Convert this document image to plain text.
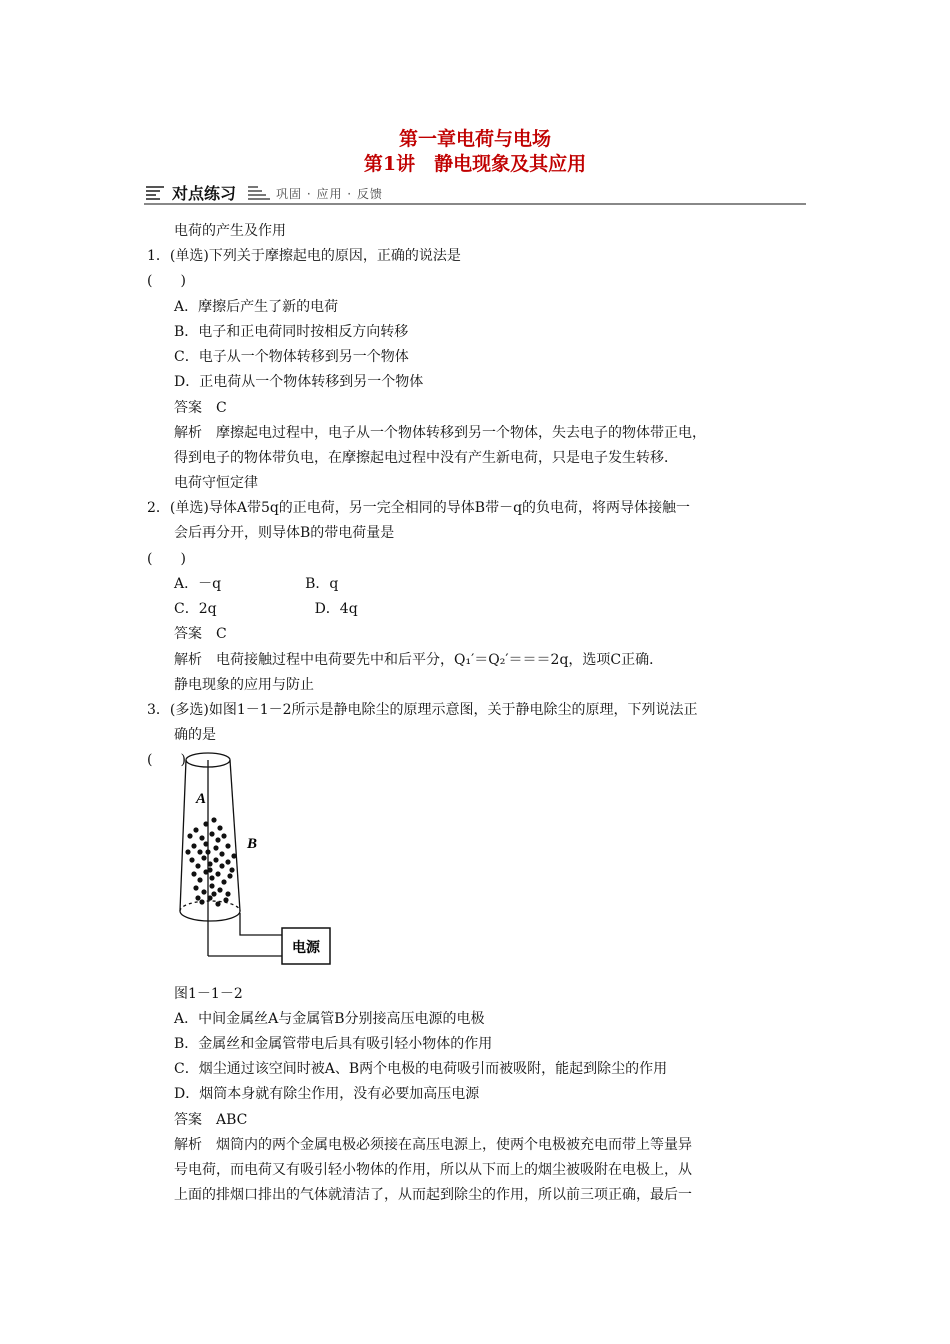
第一章电荷与电场
第1讲　静电现象及其应用
对点练习	巩固 · 应用 · 反馈
电荷的产生及作用
1．(单选)下列关于摩擦起电的原因，正确的说法是
(　　)
A．摩擦后产生了新的电荷
B．电子和正电荷同时按相反方向转移
C．电子从一个物体转移到另一个物体
D．正电荷从一个物体转移到另一个物体
答案　C
解析　摩擦起电过程中，电子从一个物体转移到另一个物体，失去电子的物体带正电，
得到电子的物体带负电，在摩擦起电过程中没有产生新电荷，只是电子发生转移．
电荷守恒定律
2．(单选)导体A带5q的正电荷，另一完全相同的导体B带－q的负电荷，将两导体接触一
会后再分开，则导体B的带电荷量是
(　　)
A．－q　　　　　　B．q
C．2q　　　　　　　D．4q
答案　C
解析　电荷接触过程中电荷要先中和后平分，Q₁′＝Q₂′＝＝＝2q，选项C正确．
静电现象的应用与防止
3．(多选)如图1－1－2所示是静电除尘的原理示意图，关于静电除尘的原理，下列说法正
确的是
(　　)
图1－1－2
A．中间金属丝A与金属管B分别接高压电源的电极
B．金属丝和金属管带电后具有吸引轻小物体的作用
C．烟尘通过该空间时被A、B两个电极的电荷吸引而被吸附，能起到除尘的作用
D．烟筒本身就有除尘作用，没有必要加高压电源
答案　ABC
解析　烟筒内的两个金属电极必须接在高压电源上，使两个电极被充电而带上等量异
号电荷，而电荷又有吸引轻小物体的作用，所以从下而上的烟尘被吸附在电极上，从
上面的排烟口排出的气体就清洁了，从而起到除尘的作用，所以前三项正确，最后一
A
B
电源
